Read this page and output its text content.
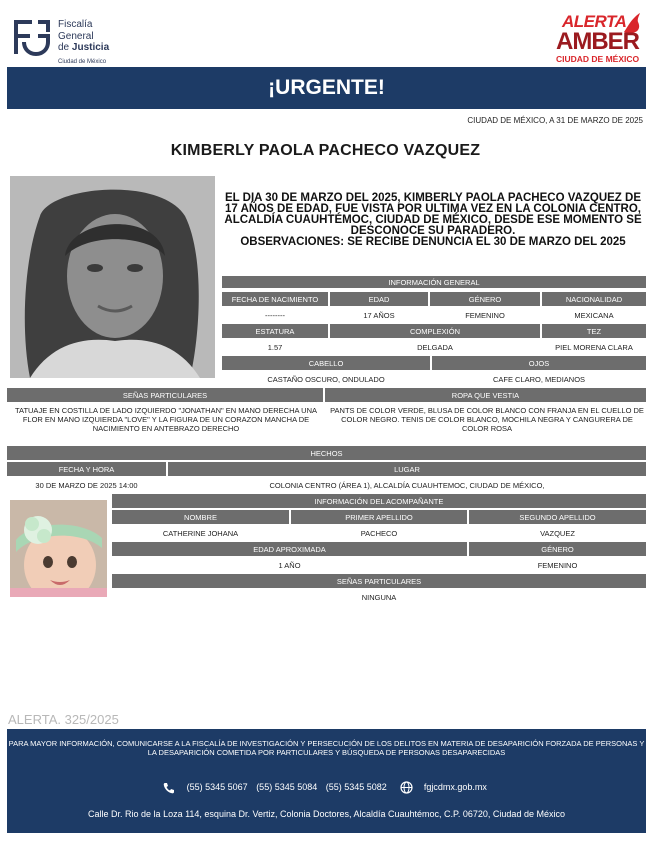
Fiscalía
General
de Justicia
Ciudad de México
ALERTA
AMBER
CIUDAD DE MÉXICO
¡URGENTE!
CIUDAD DE MÉXICO, A 31 DE MARZO DE 2025
KIMBERLY PAOLA PACHECO VAZQUEZ

EL DIA 30 DE MARZO DEL 2025, KIMBERLY PAOLA PACHECO VAZQUEZ DE 17 AÑOS DE EDAD, FUE VISTA POR ULTIMA VEZ EN LA COLONIA CENTRO, ALCALDÍA CUAUHTÉMOC, CIUDAD DE MÉXICO, DESDE ESE MOMENTO SE DESCONOCE SU PARADERO.

OBSERVACIONES: SE RECIBE DENUNCIA EL 30 DE MARZO DEL 2025

INFORMACIÓN GENERAL
FECHA DE NACIMIENTO	EDAD	GÉNERO	NACIONALIDAD
--------	17 AÑOS	FEMENINO	MEXICANA
ESTATURA	COMPLEXIÓN	TEZ
1.57	DELGADA	PIEL MORENA CLARA
CABELLO	OJOS
CASTAÑO OSCURO, ONDULADO	CAFE CLARO, MEDIANOS
SEÑAS PARTICULARES	ROPA QUE VESTIA
TATUAJE EN COSTILLA DE LADO IZQUIERDO "JONATHAN" EN MANO DERECHA UNA FLOR EN MANO IZQUIERDA "LOVE" Y LA FIGURA DE UN CORAZON MANCHA DE NACIMIENTO EN ANTEBRAZO DERECHO
PANTS DE COLOR VERDE, BLUSA DE COLOR BLANCO CON FRANJA EN EL CUELLO DE COLOR NEGRO. TENIS DE COLOR BLANCO, MOCHILA NEGRA Y CANGURERA DE COLOR ROSA
HECHOS
FECHA Y HORA	LUGAR
30 DE MARZO DE 2025 14:00	COLONIA CENTRO (ÁREA 1), ALCALDÍA CUAUHTEMOC, CIUDAD DE MÉXICO,
INFORMACIÓN DEL ACOMPAÑANTE
NOMBRE	PRIMER APELLIDO	SEGUNDO APELLIDO
CATHERINE JOHANA	PACHECO	VAZQUEZ
EDAD APROXIMADA	GÉNERO
1 AÑO	FEMENINO
SEÑAS PARTICULARES
NINGUNA
ALERTA. 325/2025
PARA MAYOR INFORMACIÓN, COMUNICARSE A LA FISCALÍA DE INVESTIGACIÓN Y PERSECUCIÓN DE LOS DELITOS EN MATERIA DE DESAPARICIÓN FORZADA DE PERSONAS Y LA DESAPARICIÓN COMETIDA POR PARTICULARES Y BÚSQUEDA DE PERSONAS DESAPARECIDAS
(55) 5345 5067 (55) 5345 5084 (55) 5345 5082	fgjcdmx.gob.mx
Calle Dr. Rio de la Loza 114, esquina Dr. Vertiz, Colonia Doctores, Alcaldía Cuauhtémoc, C.P. 06720, Ciudad de México
